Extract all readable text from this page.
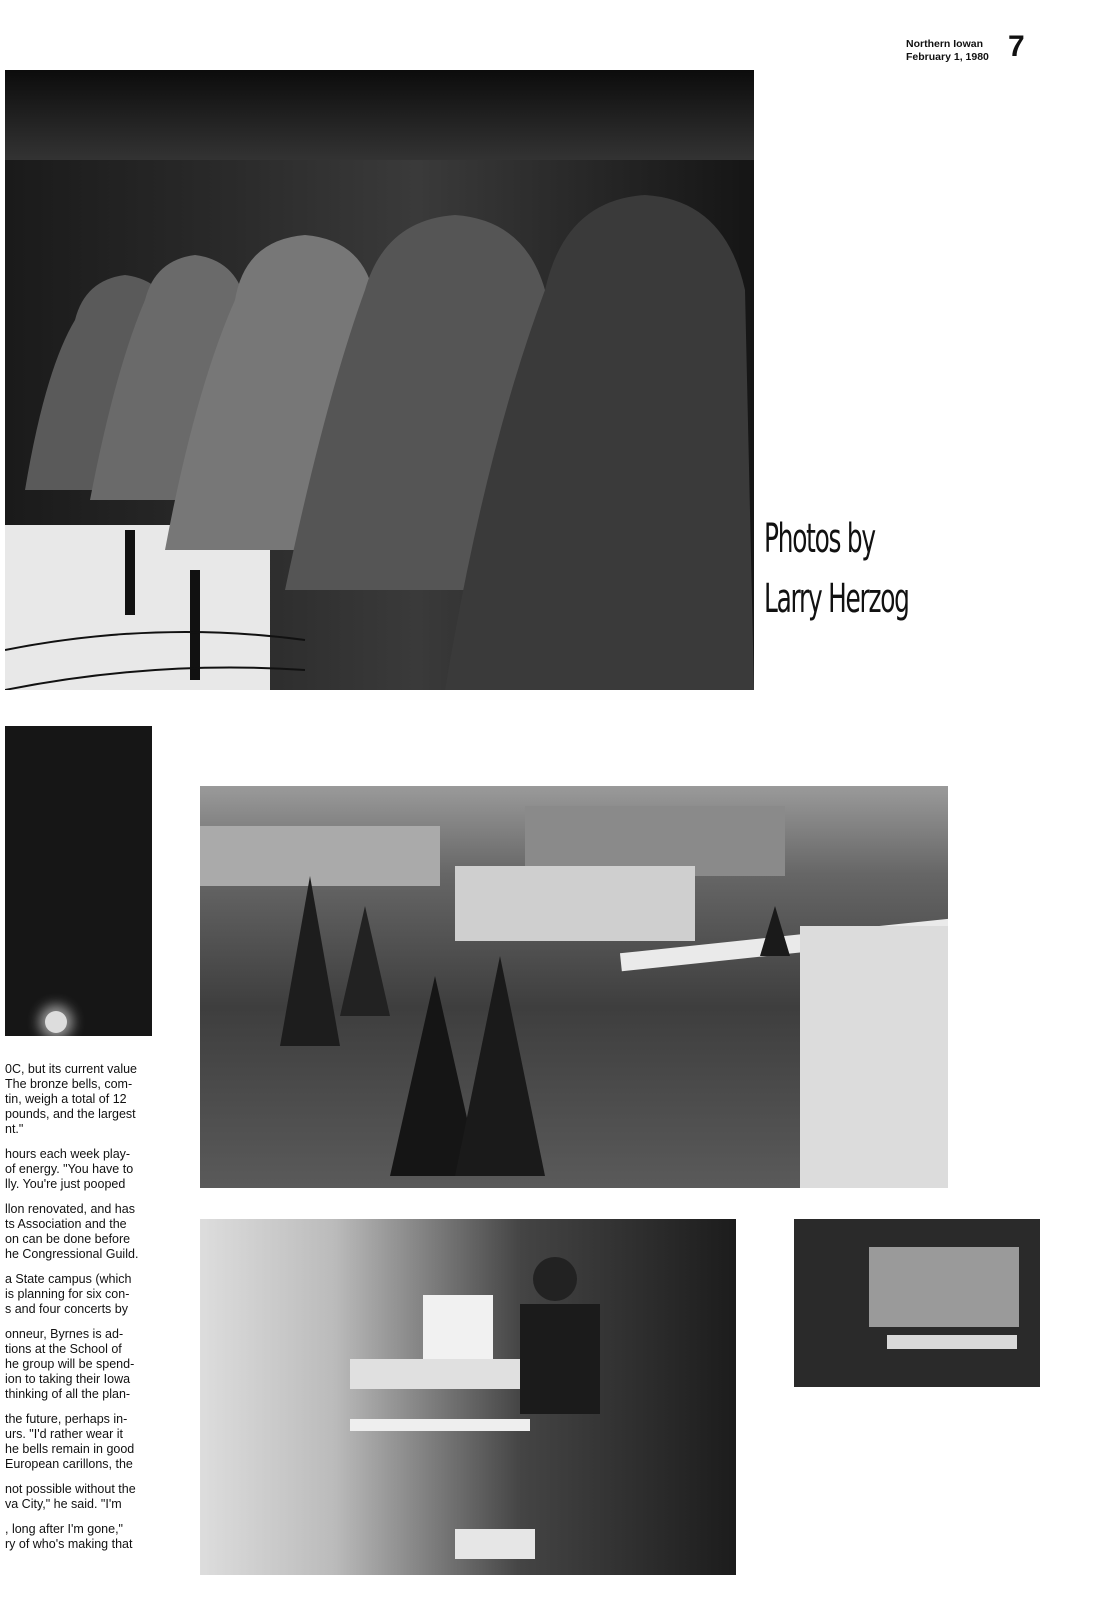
Northern Iowan
February 1, 1980 7
Photos by
Larry Herzog

0C, but its current value
The bronze bells, com-
tin, weigh a total of 12
pounds, and the largest
nt."

hours each week play-
of energy. "You have to
lly. You're just pooped

llon renovated, and has
ts Association and the
on can be done before
he Congressional Guild.

a State campus (which
is planning for six con-
s and four concerts by

onneur, Byrnes is ad-
tions at the School of
he group will be spend-
ion to taking their Iowa
thinking of all the plan-

the future, perhaps in-
urs. "I'd rather wear it
he bells remain in good
European carillons, the

not possible without the
va City," he said. "I'm

, long after I'm gone,"
ry of who's making that
